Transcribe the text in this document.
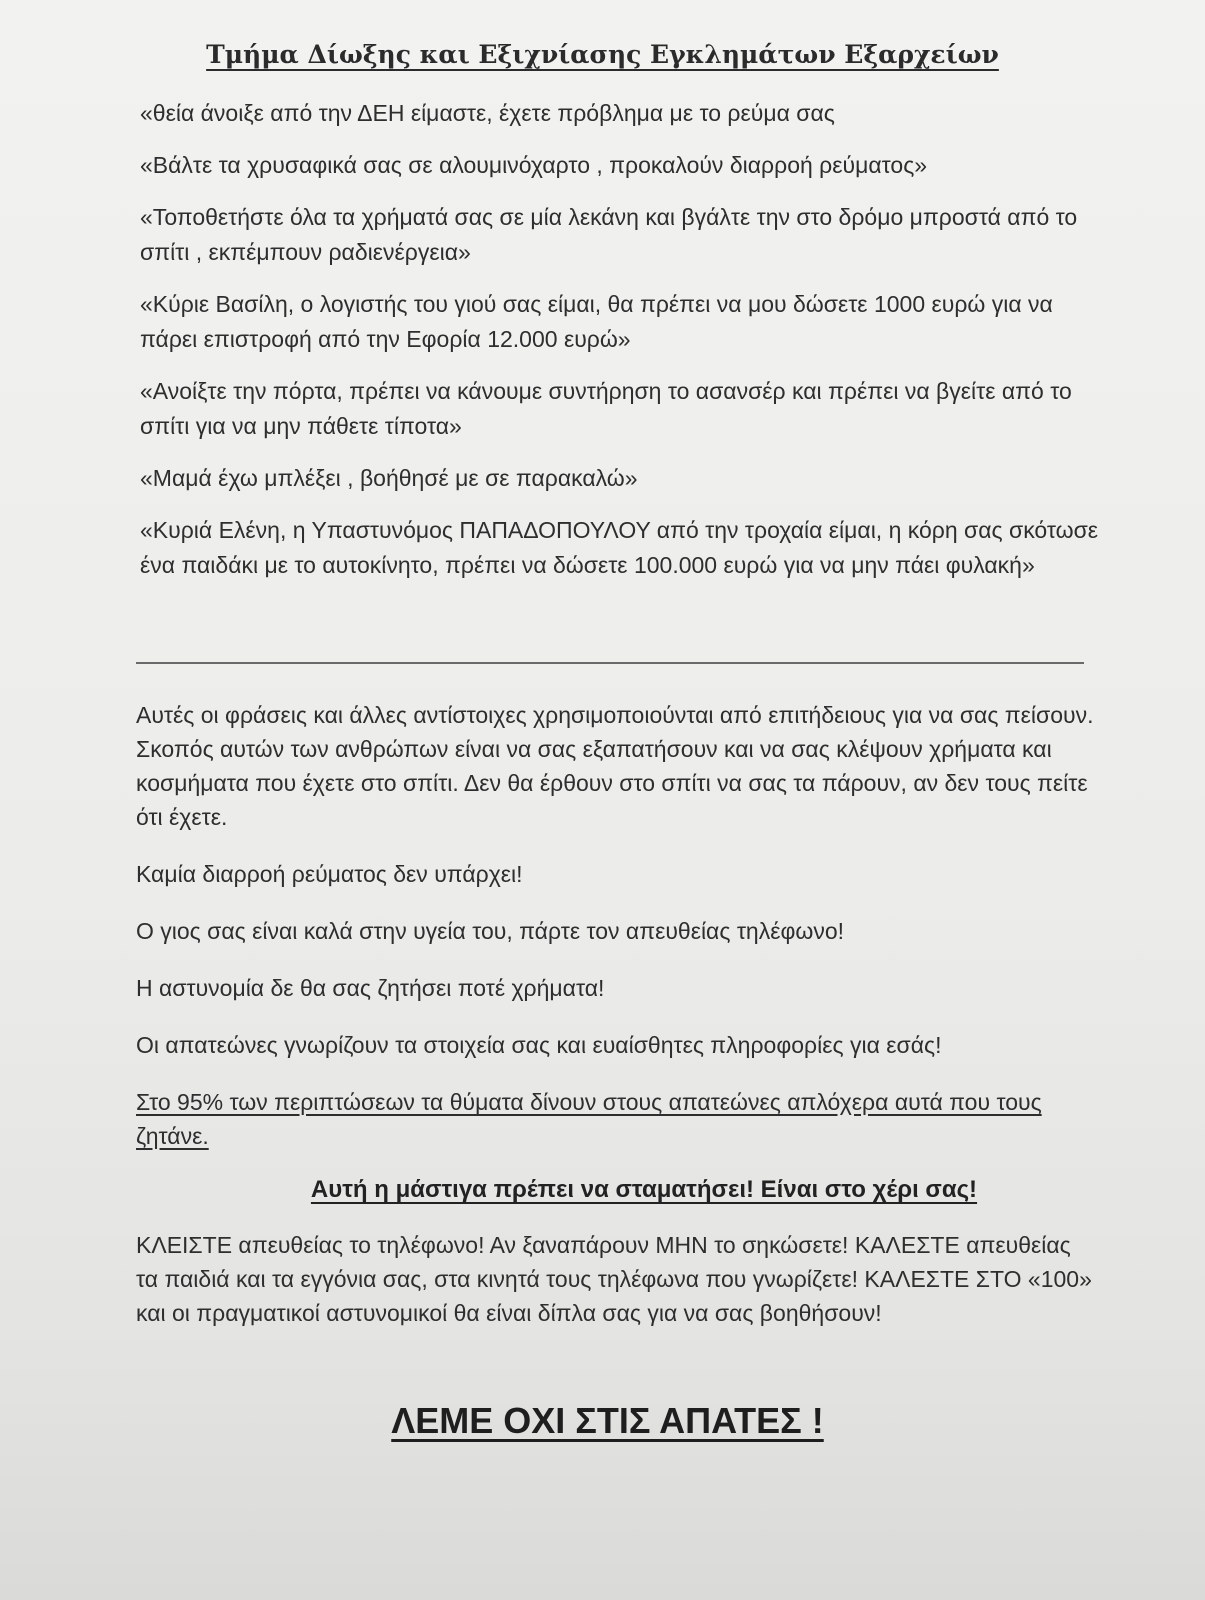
Τμήμα Δίωξης και Εξιχνίασης Εγκλημάτων Εξαρχείων

«θεία άνοιξε από την ΔΕΗ είμαστε, έχετε πρόβλημα με το ρεύμα σας

«Βάλτε τα χρυσαφικά σας σε αλουμινόχαρτο , προκαλούν διαρροή ρεύματος»

«Τοποθετήστε όλα τα χρήματά σας σε μία λεκάνη και βγάλτε την στο δρόμο μπροστά από το σπίτι , εκπέμπουν ραδιενέργεια»

«Κύριε Βασίλη, ο λογιστής του γιού σας είμαι, θα πρέπει να μου δώσετε 1000 ευρώ για να πάρει επιστροφή από την Εφορία 12.000 ευρώ»

«Ανοίξτε την πόρτα, πρέπει να κάνουμε συντήρηση το ασανσέρ και πρέπει να βγείτε από το σπίτι για να μην πάθετε τίποτα»

«Μαμά έχω μπλέξει , βοήθησέ με σε παρακαλώ»

«Κυριά Ελένη, η Υπαστυνόμος ΠΑΠΑΔΟΠΟΥΛΟΥ από την τροχαία είμαι, η κόρη σας σκότωσε ένα παιδάκι με το αυτοκίνητο, πρέπει να δώσετε 100.000 ευρώ για να μην πάει φυλακή»

Αυτές οι φράσεις και άλλες αντίστοιχες χρησιμοποιούνται από επιτήδειους για να σας πείσουν. Σκοπός αυτών των ανθρώπων είναι να σας εξαπατήσουν και να σας κλέψουν χρήματα και κοσμήματα που έχετε στο σπίτι. Δεν θα έρθουν στο σπίτι να σας τα πάρουν, αν δεν τους πείτε ότι έχετε.

Καμία διαρροή ρεύματος δεν υπάρχει!

Ο γιος σας είναι καλά στην υγεία του, πάρτε τον απευθείας τηλέφωνο!

Η αστυνομία δε θα σας ζητήσει ποτέ χρήματα!

Οι απατεώνες γνωρίζουν τα στοιχεία σας και ευαίσθητες πληροφορίες για εσάς!

Στο 95% των περιπτώσεων τα θύματα δίνουν στους απατεώνες απλόχερα αυτά που τους ζητάνε.

Αυτή η μάστιγα πρέπει να σταματήσει! Είναι στο χέρι σας!

ΚΛΕΙΣΤΕ απευθείας το τηλέφωνο! Αν ξαναπάρουν ΜΗΝ το σηκώσετε! ΚΑΛΕΣΤΕ απευθείας τα παιδιά και τα εγγόνια σας, στα κινητά τους τηλέφωνα που γνωρίζετε! ΚΑΛΕΣΤΕ ΣΤΟ «100» και οι πραγματικοί αστυνομικοί θα είναι δίπλα σας για να σας βοηθήσουν!

ΛΕΜΕ ΟΧΙ ΣΤΙΣ ΑΠΑΤΕΣ !
